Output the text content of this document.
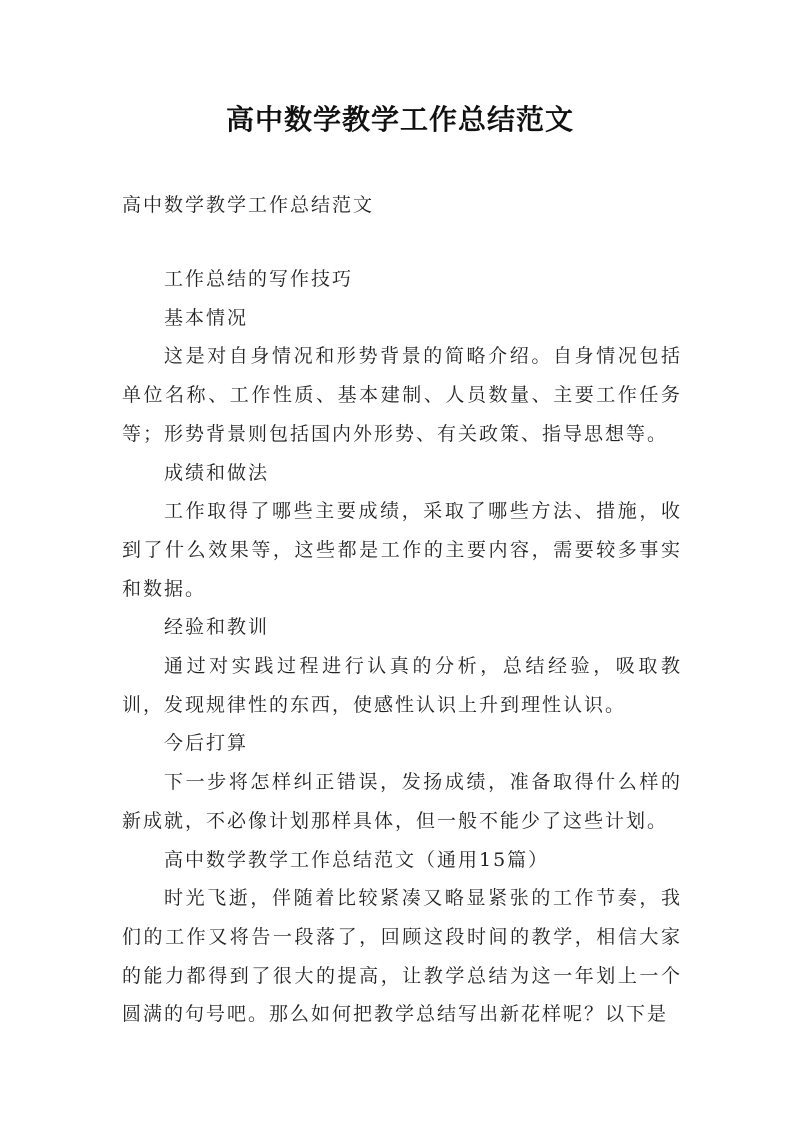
高中数学教学工作总结范文
高中数学教学工作总结范文

工作总结的写作技巧

基本情况

这是对自身情况和形势背景的简略介绍。自身情况包括单位名称、工作性质、基本建制、人员数量、主要工作任务等；形势背景则包括国内外形势、有关政策、指导思想等。

成绩和做法

工作取得了哪些主要成绩，采取了哪些方法、措施，收到了什么效果等，这些都是工作的主要内容，需要较多事实和数据。

经验和教训

通过对实践过程进行认真的分析，总结经验，吸取教训，发现规律性的东西，使感性认识上升到理性认识。

今后打算

下一步将怎样纠正错误，发扬成绩，准备取得什么样的新成就，不必像计划那样具体，但一般不能少了这些计划。

高中数学教学工作总结范文（通用15篇）

时光飞逝，伴随着比较紧凑又略显紧张的工作节奏，我们的工作又将告一段落了，回顾这段时间的教学，相信大家的能力都得到了很大的提高，让教学总结为这一年划上一个圆满的句号吧。那么如何把教学总结写出新花样呢？以下是
